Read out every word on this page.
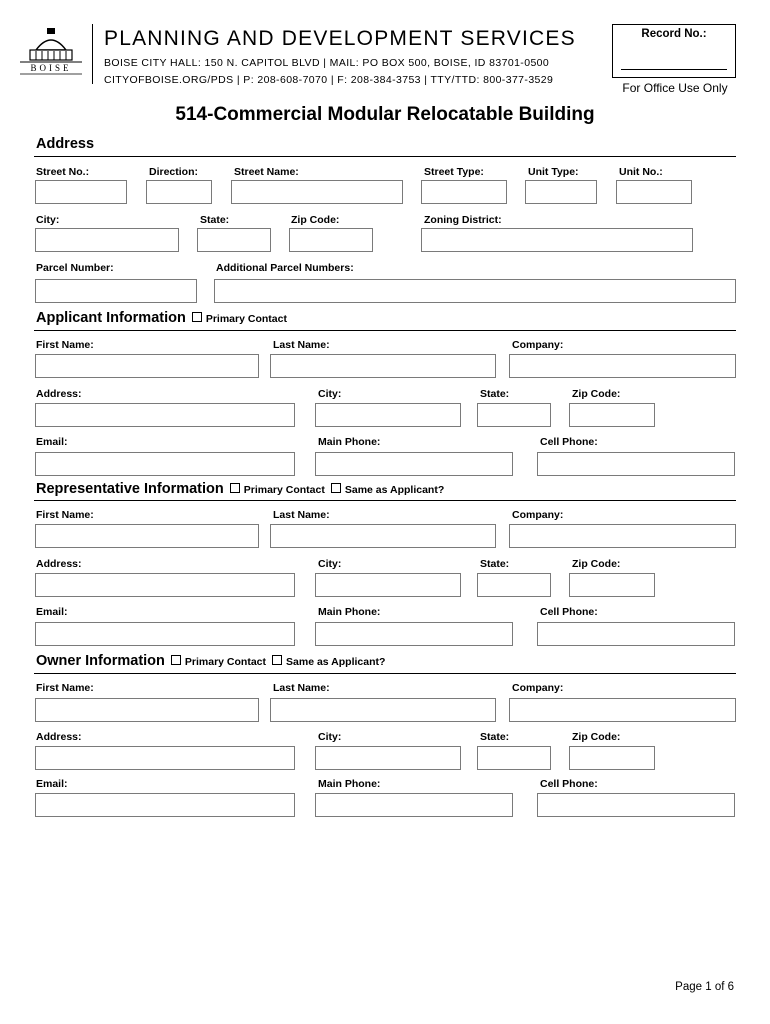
BOISE
PLANNING AND DEVELOPMENT SERVICES
BOISE CITY HALL: 150 N. CAPITOL BLVD | MAIL: PO BOX 500, BOISE, ID 83701-0500
CITYOFBOISE.ORG/PDS | P: 208-608-7070 | F: 208-384-3753 | TTY/TTD: 800-377-3529
Record No.:
For Office Use Only
514-Commercial Modular Relocatable Building
Address
Street No.:	Direction:	Street Name:	Street Type:	Unit Type:	Unit No.:
City:	State:	Zip Code:	Zoning District:
Parcel Number:	Additional Parcel Numbers:
Applicant Information Primary Contact
First Name:	Last Name:	Company:
Address:	City:	State:	Zip Code:
Email:	Main Phone:	Cell Phone:
Representative Information Primary Contact Same as Applicant?
First Name:	Last Name:	Company:
Address:	City:	State:	Zip Code:
Email:	Main Phone:	Cell Phone:
Owner Information Primary Contact Same as Applicant?
First Name:	Last Name:	Company:
Address:	City:	State:	Zip Code:
Email:	Main Phone:	Cell Phone:
Page 1 of 6
